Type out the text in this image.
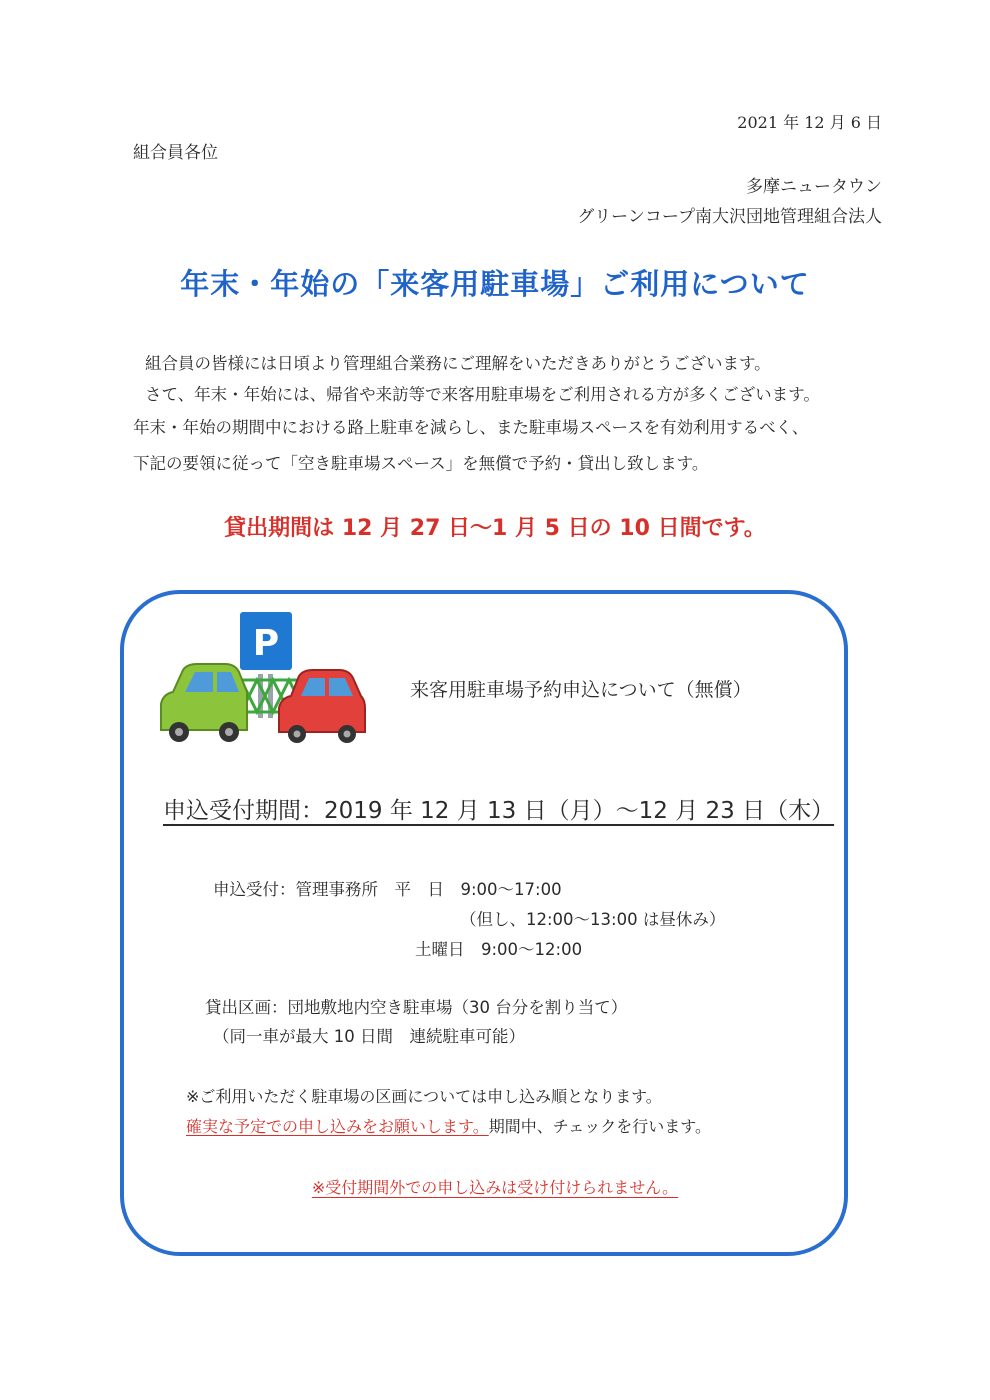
2021 年 12 月 6 日
組合員各位
多摩ニュータウン
グリーンコープ南大沢団地管理組合法人
年末・年始の「来客用駐車場」ご利用について
組合員の皆様には日頃より管理組合業務にご理解をいただきありがとうございます。
さて、年末・年始には、帰省や来訪等で来客用駐車場をご利用される方が多くございます。
年末・年始の期間中における路上駐車を減らし、また駐車場スペースを有効利用するべく、
下記の要領に従って「空き駐車場スペース」を無償で予約・貸出し致します。
貸出期間は 12 月 27 日～1 月 5 日の 10 日間です。
P
来客用駐車場予約申込について（無償）
申込受付期間：2019 年 12 月 13 日（月）～12 月 23 日（木）
申込受付：管理事務所　平　日　9:00～17:00
（但し、12:00～13:00 は昼休み）
土曜日　9:00～12:00
貸出区画：団地敷地内空き駐車場（30 台分を割り当て）
（同一車が最大 10 日間　連続駐車可能）
※ご利用いただく駐車場の区画については申し込み順となります。
確実な予定での申し込みをお願いします。期間中、チェックを行います。
※受付期間外での申し込みは受け付けられません。
